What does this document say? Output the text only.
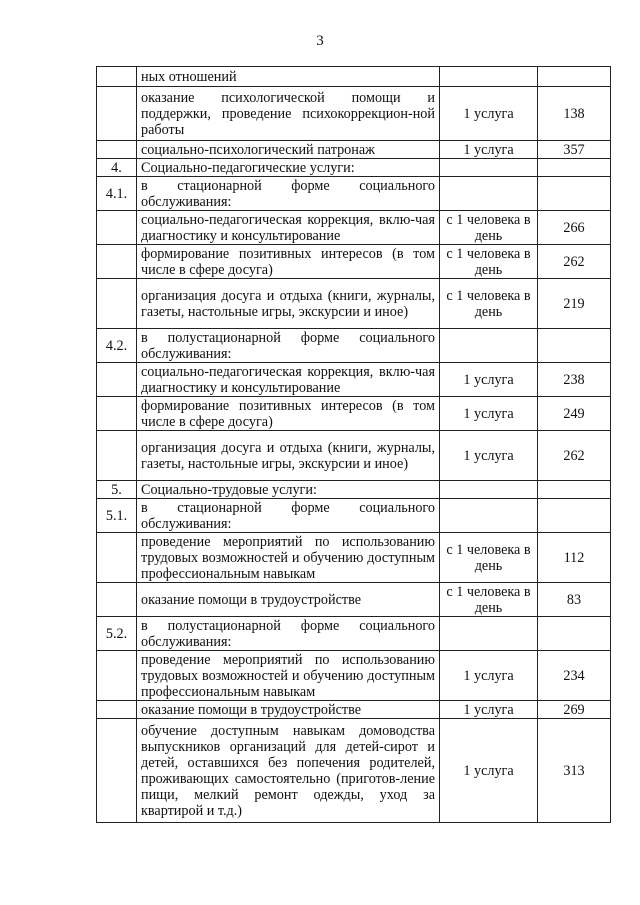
3
	ных отношений		
	оказание психологической помощи и поддержки, проведение психокоррекцион-ной работы	1 услуга	138
	социально-психологический патронаж	1 услуга	357
4.	Социально-педагогические услуги:		
4.1.	в стационарной форме социального обслуживания:		
	социально-педагогическая коррекция, вклю-чая диагностику и консультирование	с 1 человека в день	266
	формирование позитивных интересов (в том числе в сфере досуга)	с 1 человека в день	262
	организация досуга и отдыха (книги, журналы, газеты, настольные игры, экскурсии и иное)	с 1 человека в день	219
4.2.	в полустационарной форме социального обслуживания:		
	социально-педагогическая коррекция, вклю-чая диагностику и консультирование	1 услуга	238
	формирование позитивных интересов (в том числе в сфере досуга)	1 услуга	249
	организация досуга и отдыха (книги, журналы, газеты, настольные игры, экскурсии и иное)	1 услуга	262
5.	Социально-трудовые услуги:		
5.1.	в стационарной форме социального обслуживания:		
	проведение мероприятий по использованию трудовых возможностей и обучению доступным профессиональным навыкам	с 1 человека в день	112
	оказание помощи в трудоустройстве	с 1 человека в день	83
5.2.	в полустационарной форме социального обслуживания:		
	проведение мероприятий по использованию трудовых возможностей и обучению доступным профессиональным навыкам	1 услуга	234
	оказание помощи в трудоустройстве	1 услуга	269
	обучение доступным навыкам домоводства выпускников организаций для детей-сирот и детей, оставшихся без попечения родителей, проживающих самостоятельно (приготов-ление пищи, мелкий ремонт одежды, уход за квартирой и т.д.)	1 услуга	313
